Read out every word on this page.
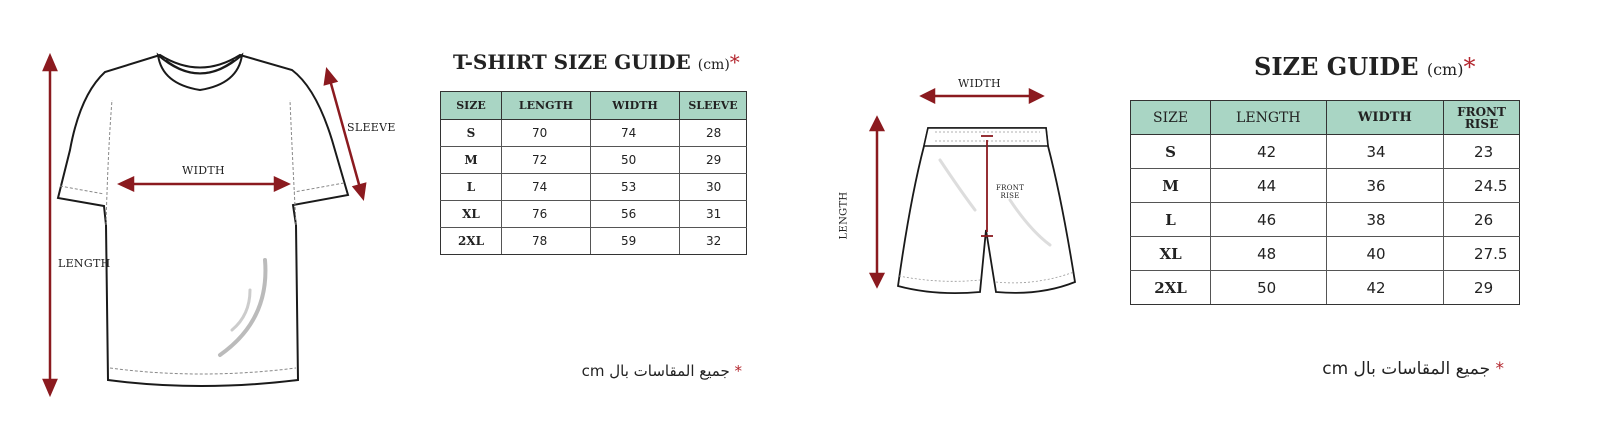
WIDTH
LENGTH
SLEEVE
T-SHIRT SIZE GUIDE (cm)*
SIZE	LENGTH	WIDTH	SLEEVE
S	70	74	28
M	72	50	29
L	74	53	30
XL	76	56	31
2XL	78	59	32
* جميع المقاسات بال cm
WIDTH
LENGTH
FRONT
RISE
SIZE GUIDE (cm)*
SIZE	LENGTH	WIDTH	FRONT RISE
S	42	34	23
M	44	36	24.5
L	46	38	26
XL	48	40	27.5
2XL	50	42	29
* جميع المقاسات بال cm
